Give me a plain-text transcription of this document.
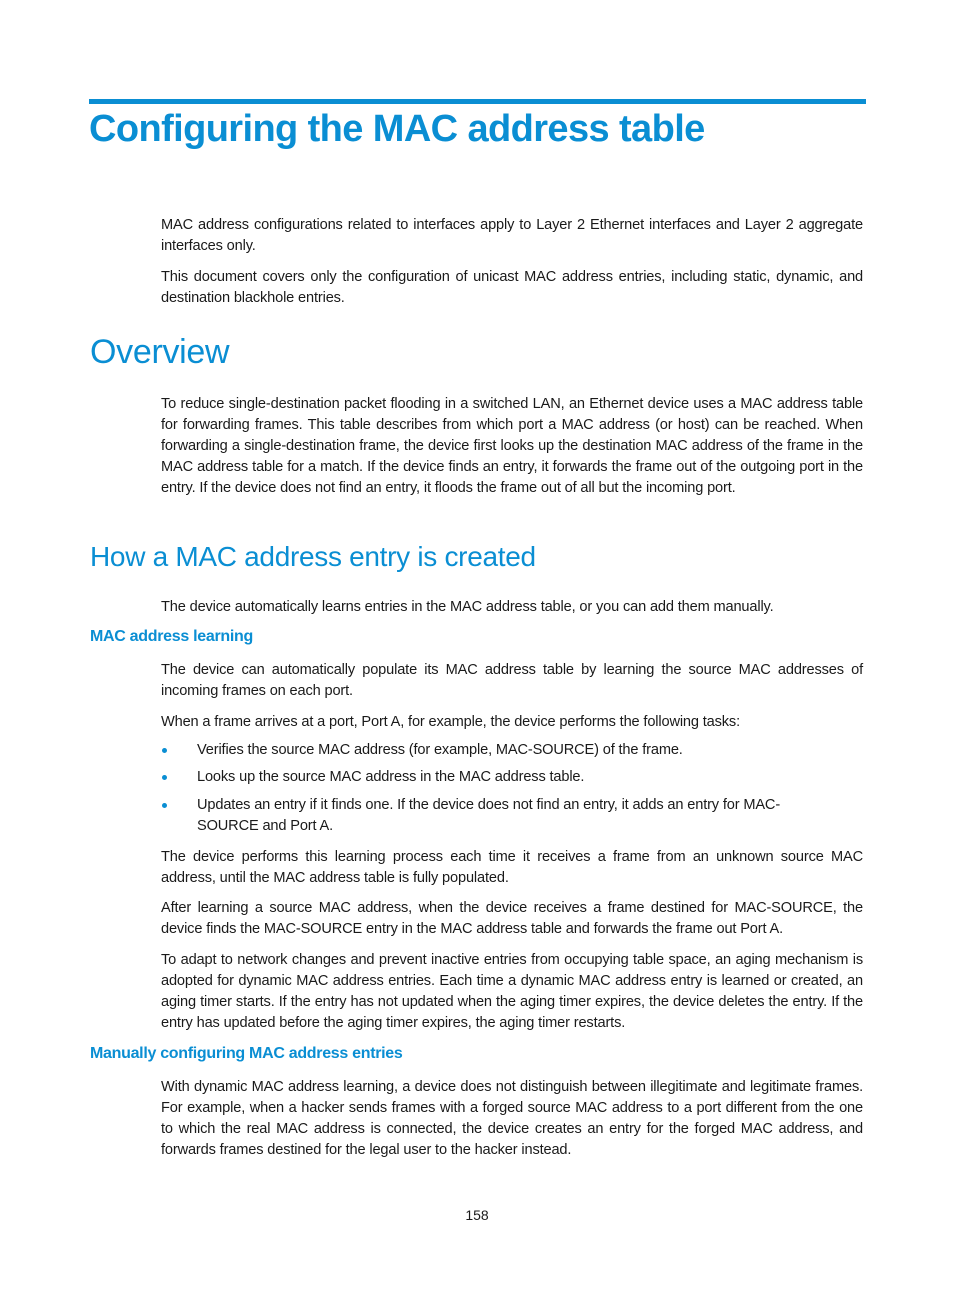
Configuring the MAC address table

MAC address configurations related to interfaces apply to Layer 2 Ethernet interfaces and Layer 2 aggregate interfaces only.

This document covers only the configuration of unicast MAC address entries, including static, dynamic, and destination blackhole entries.

Overview

To reduce single-destination packet flooding in a switched LAN, an Ethernet device uses a MAC address table for forwarding frames. This table describes from which port a MAC address (or host) can be reached. When forwarding a single-destination frame, the device first looks up the destination MAC address of the frame in the MAC address table for a match. If the device finds an entry, it forwards the frame out of the outgoing port in the entry. If the device does not find an entry, it floods the frame out of all but the incoming port.

How a MAC address entry is created

The device automatically learns entries in the MAC address table, or you can add them manually.

MAC address learning

The device can automatically populate its MAC address table by learning the source MAC addresses of incoming frames on each port.

When a frame arrives at a port, Port A, for example, the device performs the following tasks:

Verifies the source MAC address (for example, MAC-SOURCE) of the frame.
Looks up the source MAC address in the MAC address table.
Updates an entry if it finds one. If the device does not find an entry, it adds an entry for MAC-SOURCE and Port A.

The device performs this learning process each time it receives a frame from an unknown source MAC address, until the MAC address table is fully populated.

After learning a source MAC address, when the device receives a frame destined for MAC-SOURCE, the device finds the MAC-SOURCE entry in the MAC address table and forwards the frame out Port A.

To adapt to network changes and prevent inactive entries from occupying table space, an aging mechanism is adopted for dynamic MAC address entries. Each time a dynamic MAC address entry is learned or created, an aging timer starts. If the entry has not updated when the aging timer expires, the device deletes the entry. If the entry has updated before the aging timer expires, the aging timer restarts.

Manually configuring MAC address entries

With dynamic MAC address learning, a device does not distinguish between illegitimate and legitimate frames. For example, when a hacker sends frames with a forged source MAC address to a port different from the one to which the real MAC address is connected, the device creates an entry for the forged MAC address, and forwards frames destined for the legal user to the hacker instead.

158
